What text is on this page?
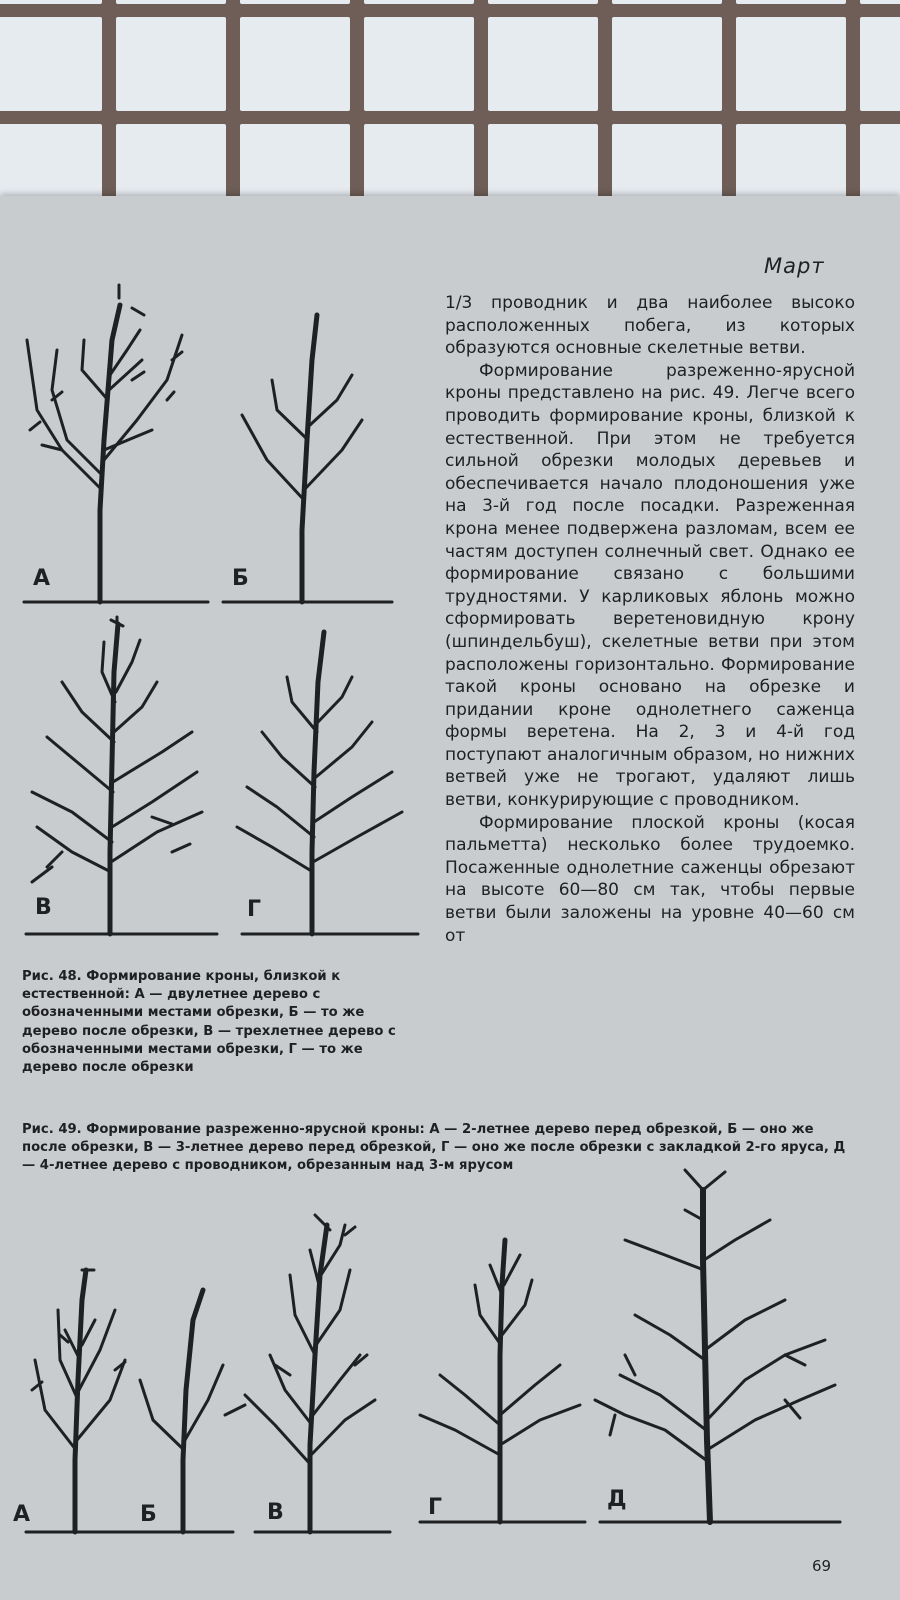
Март

1/3 проводник и два наиболее высоко расположенных побега, из которых образуются основные скелетные ветви.

Формирование разреженно-ярусной кроны представлено на рис. 49. Легче всего проводить формирование кроны, близкой к естественной. При этом не требуется сильной обрезки молодых деревьев и обеспечивается начало плодоношения уже на 3-й год после посадки. Разреженная крона менее подвержена разломам, всем ее частям доступен солнечный свет. Однако ее формирование связано с большими трудностями. У карликовых яблонь можно сформировать веретеновидную крону (шпиндельбуш), скелетные ветви при этом расположены горизонтально. Формирование такой кроны основано на обрезке и придании кроне однолетнего саженца формы веретена. На 2, 3 и 4-й год поступают аналогичным образом, но нижних ветвей уже не трогают, удаляют лишь ветви, конкурирующие с проводником.

Формирование плоской кроны (косая пальметта) несколько более трудоемко. Посаженные однолетние саженцы обрезают на высоте 60—80 см так, чтобы первые ветви были заложены на уровне 40—60 см от

А	Б
В	Г
Рис. 48. Формирование кроны, близкой к естественной: А — двулетнее дерево с обозначенными местами обрезки, Б — то же дерево после обрезки, В — трехлетнее дерево с обозначенными местами обрезки, Г — то же дерево после обрезки
Рис. 49. Формирование разреженно-ярусной кроны: А — 2-летнее дерево перед обрезкой, Б — оно же после обрезки, В — 3-летнее дерево перед обрезкой, Г — оно же после обрезки с закладкой 2-го яруса, Д — 4-летнее дерево с проводником, обрезанным над 3-м ярусом
А	Б	В	Г	Д
69
